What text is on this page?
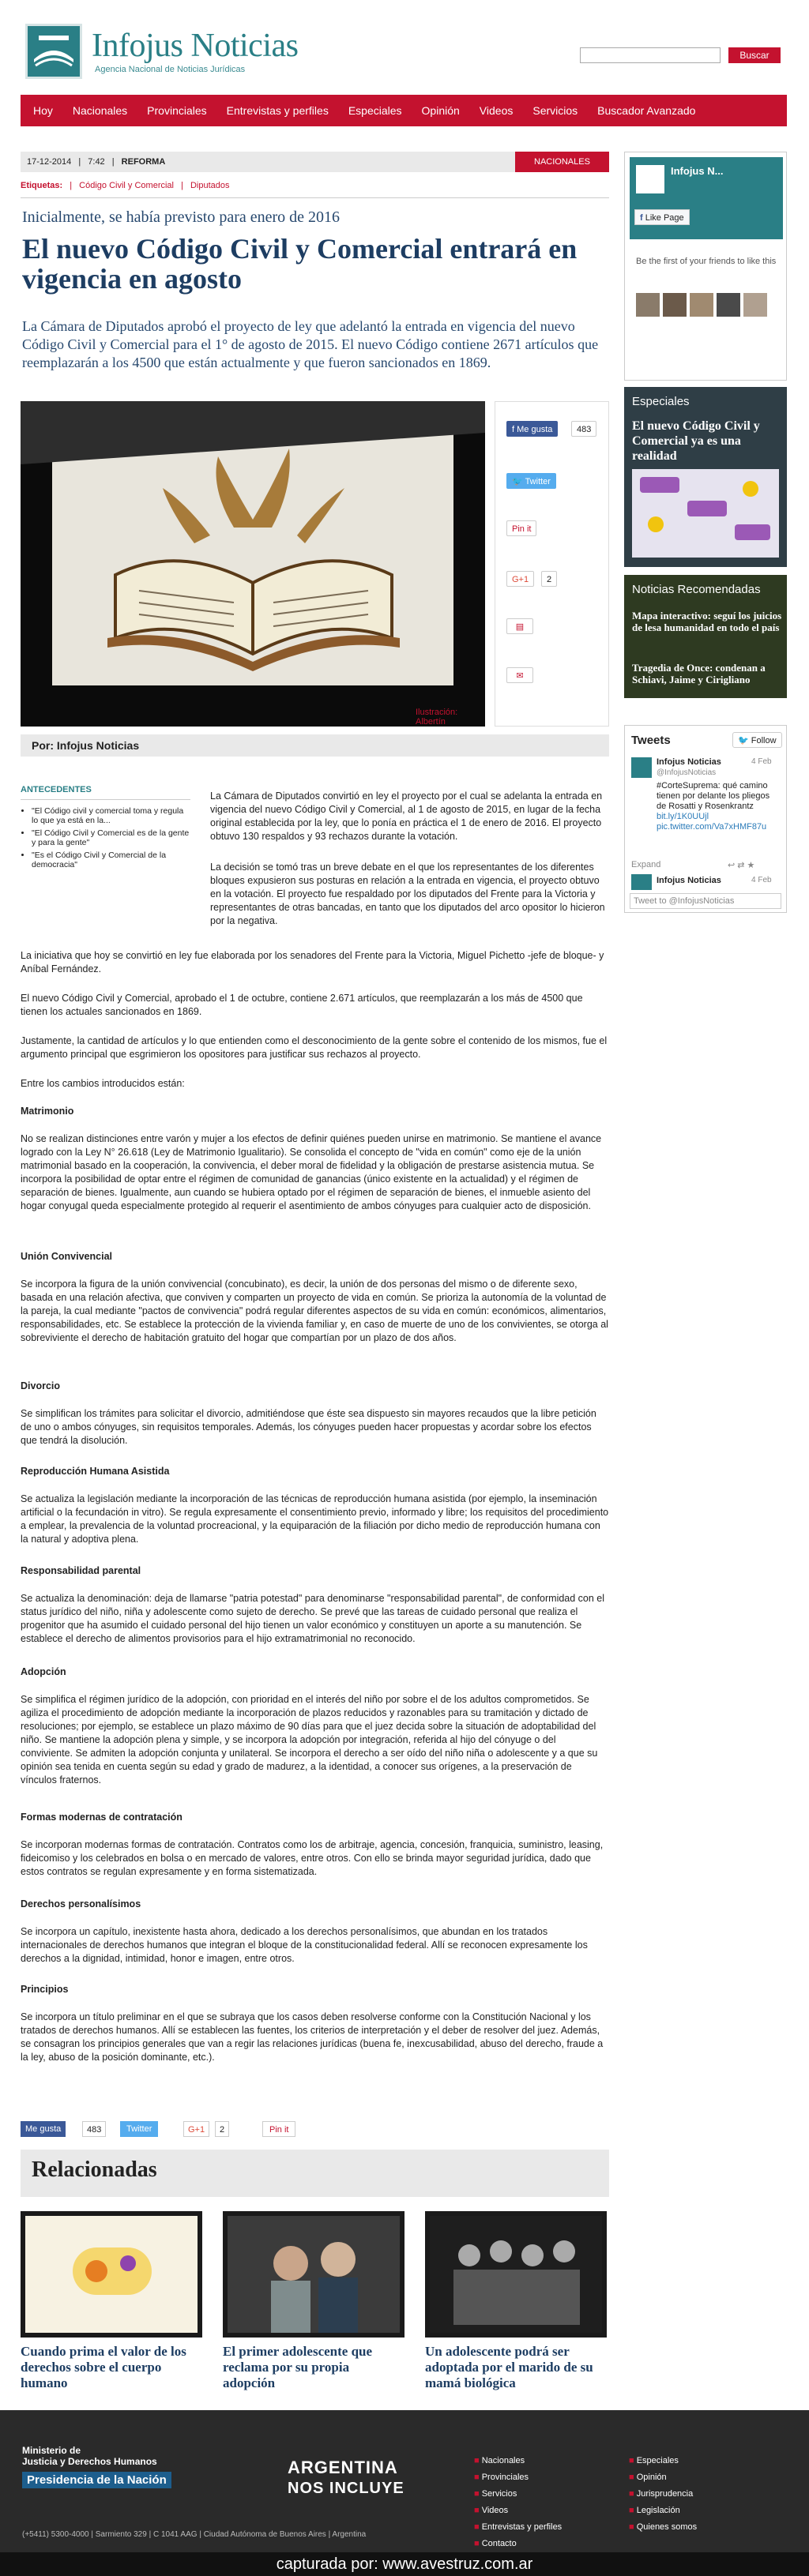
Infojus Noticias
Agencia Nacional de Noticias Jurídicas
Buscar
Hoy Nacionales Provinciales Entrevistas y perfiles Especiales Opinión Videos Servicios Buscador Avanzado
17-12-2014 | 7:42 | REFORMA	NACIONALES
Etiquetas: | Código Civil y Comercial | Diputados
Inicialmente, se había previsto para enero de 2016
El nuevo Código Civil y Comercial entrará en vigencia en agosto
La Cámara de Diputados aprobó el proyecto de ley que adelantó la entrada en vigencia del nuevo Código Civil y Comercial para el 1° de agosto de 2015. El nuevo Código contiene 2671 artículos que reemplazarán a los 4500 que están actualmente y que fueron sancionados en 1869.
Ilustración: Albertín
f Me gusta	483
🐦 Twitter
Pin it
G+1	2
▤
✉
Por: Infojus Noticias
ANTECEDENTES
• "El Código civil y comercial toma y regula lo que ya está en la...
• "El Código Civil y Comercial es de la gente y para la gente"
• "Es el Código Civil y Comercial de la democracia"
La Cámara de Diputados convirtió en ley el proyecto por el cual se adelanta la entrada en vigencia del nuevo Código Civil y Comercial, al 1 de agosto de 2015, en lugar de la fecha original establecida por la ley, que lo ponía en práctica el 1 de enero de 2016. El proyecto obtuvo 130 respaldos y 93 rechazos durante la votación.
La decisión se tomó tras un breve debate en el que los representantes de los diferentes bloques expusieron sus posturas en relación a la entrada en vigencia, el proyecto obtuvo en la votación. El proyecto fue respaldado por los diputados del Frente para la Victoria y representantes de otras bancadas, en tanto que los diputados del arco opositor lo hicieron por la negativa.
La iniciativa que hoy se convirtió en ley fue elaborada por los senadores del Frente para la Victoria, Miguel Pichetto -jefe de bloque- y Aníbal Fernández.
El nuevo Código Civil y Comercial, aprobado el 1 de octubre, contiene 2.671 artículos, que reemplazarán a los más de 4500 que tienen los actuales sancionados en 1869.
Justamente, la cantidad de artículos y lo que entienden como el desconocimiento de la gente sobre el contenido de los mismos, fue el argumento principal que esgrimieron los opositores para justificar sus rechazos al proyecto.
Entre los cambios introducidos están:
Matrimonio
No se realizan distinciones entre varón y mujer a los efectos de definir quiénes pueden unirse en matrimonio. Se mantiene el avance logrado con la Ley N° 26.618 (Ley de Matrimonio Igualitario). Se consolida el concepto de "vida en común" como eje de la unión matrimonial basado en la cooperación, la convivencia, el deber moral de fidelidad y la obligación de prestarse asistencia mutua. Se incorpora la posibilidad de optar entre el régimen de comunidad de ganancias (único existente en la actualidad) y el régimen de separación de bienes. Igualmente, aun cuando se hubiera optado por el régimen de separación de bienes, el inmueble asiento del hogar conyugal queda especialmente protegido al requerir el asentimiento de ambos cónyuges para cualquier acto de disposición.
Unión Convivencial
Se incorpora la figura de la unión convivencial (concubinato), es decir, la unión de dos personas del mismo o de diferente sexo, basada en una relación afectiva, que conviven y comparten un proyecto de vida en común. Se prioriza la autonomía de la voluntad de la pareja, la cual mediante "pactos de convivencia" podrá regular diferentes aspectos de su vida en común: económicos, alimentarios, responsabilidades, etc. Se establece la protección de la vivienda familiar y, en caso de muerte de uno de los convivientes, se otorga al sobreviviente el derecho de habitación gratuito del hogar que compartían por un plazo de dos años.
Divorcio
Se simplifican los trámites para solicitar el divorcio, admitiéndose que éste sea dispuesto sin mayores recaudos que la libre petición de uno o ambos cónyuges, sin requisitos temporales. Además, los cónyuges pueden hacer propuestas y acordar sobre los efectos que tendrá la disolución.
Reproducción Humana Asistida
Se actualiza la legislación mediante la incorporación de las técnicas de reproducción humana asistida (por ejemplo, la inseminación artificial o la fecundación in vitro). Se regula expresamente el consentimiento previo, informado y libre; los requisitos del procedimiento a emplear, la prevalencia de la voluntad procreacional, y la equiparación de la filiación por dicho medio de reproducción humana con la natural y adoptiva plena.
Responsabilidad parental
Se actualiza la denominación: deja de llamarse "patria potestad" para denominarse "responsabilidad parental", de conformidad con el status jurídico del niño, niña y adolescente como sujeto de derecho. Se prevé que las tareas de cuidado personal que realiza el progenitor que ha asumido el cuidado personal del hijo tienen un valor económico y constituyen un aporte a su manutención. Se establece el derecho de alimentos provisorios para el hijo extramatrimonial no reconocido.
Adopción
Se simplifica el régimen jurídico de la adopción, con prioridad en el interés del niño por sobre el de los adultos comprometidos. Se agiliza el procedimiento de adopción mediante la incorporación de plazos reducidos y razonables para su tramitación y dictado de resoluciones; por ejemplo, se establece un plazo máximo de 90 días para que el juez decida sobre la situación de adoptabilidad del niño. Se mantiene la adopción plena y simple, y se incorpora la adopción por integración, referida al hijo del cónyuge o del conviviente. Se admiten la adopción conjunta y unilateral. Se incorpora el derecho a ser oído del niño niña o adolescente y a que su opinión sea tenida en cuenta según su edad y grado de madurez, a la identidad, a conocer sus orígenes, a la preservación de vínculos fraternos.
Formas modernas de contratación
Se incorporan modernas formas de contratación. Contratos como los de arbitraje, agencia, concesión, franquicia, suministro, leasing, fideicomiso y los celebrados en bolsa o en mercado de valores, entre otros. Con ello se brinda mayor seguridad jurídica, dado que estos contratos se regulan expresamente y en forma sistematizada.
Derechos personalísimos
Se incorpora un capítulo, inexistente hasta ahora, dedicado a los derechos personalísimos, que abundan en los tratados internacionales de derechos humanos que integran el bloque de la constitucionalidad federal. Allí se reconocen expresamente los derechos a la dignidad, intimidad, honor e imagen, entre otros.
Principios
Se incorpora un título preliminar en el que se subraya que los casos deben resolverse conforme con la Constitución Nacional y los tratados de derechos humanos. Allí se establecen las fuentes, los criterios de interpretación y el deber de resolver del juez. Además, se consagran los principios generales que van a regir las relaciones jurídicas (buena fe, inexcusabilidad, abuso del derecho, fraude a la ley, abuso de la posición dominante, etc.).
Me gusta	483	Twitter	G+1	2	Pin it
Relacionadas
Cuando prima el valor de los derechos sobre el cuerpo humano
El primer adolescente que reclama por su propia adopción
Un adolescente podrá ser adoptada por el marido de su mamá biológica
Infojus N...
f Like Page
Be the first of your friends to like this
Especiales
El nuevo Código Civil y Comercial ya es una realidad
Noticias Recomendadas
Mapa interactivo: seguí los juicios de lesa humanidad en todo el país
Tragedia de Once: condenan a Schiavi, Jaime y Cirigliano
Tweets	🐦 Follow
Infojus Noticias	4 Feb
@InfojusNoticias
#CorteSuprema: qué camino tienen por delante los pliegos de Rosatti y Rosenkrantz bit.ly/1K0UUjl pic.twitter.com/Va7xHMF87u
Expand	↩ ⇄ ★
Infojus Noticias	4 Feb
Tweet to @InfojusNoticias
Ministerio de
Justicia y Derechos Humanos
Presidencia de la Nación
ARGENTINA
NOS INCLUYE
(+5411) 5300-4000 | Sarmiento 329 | C 1041 AAG | Ciudad Autónoma de Buenos Aires | Argentina
■ Nacionales
■ Provinciales
■ Servicios
■ Videos
■ Entrevistas y perfiles
■ Contacto
■ Especiales
■ Opinión
■ Jurisprudencia
■ Legislación
■ Quienes somos
capturada por: www.avestruz.com.ar
